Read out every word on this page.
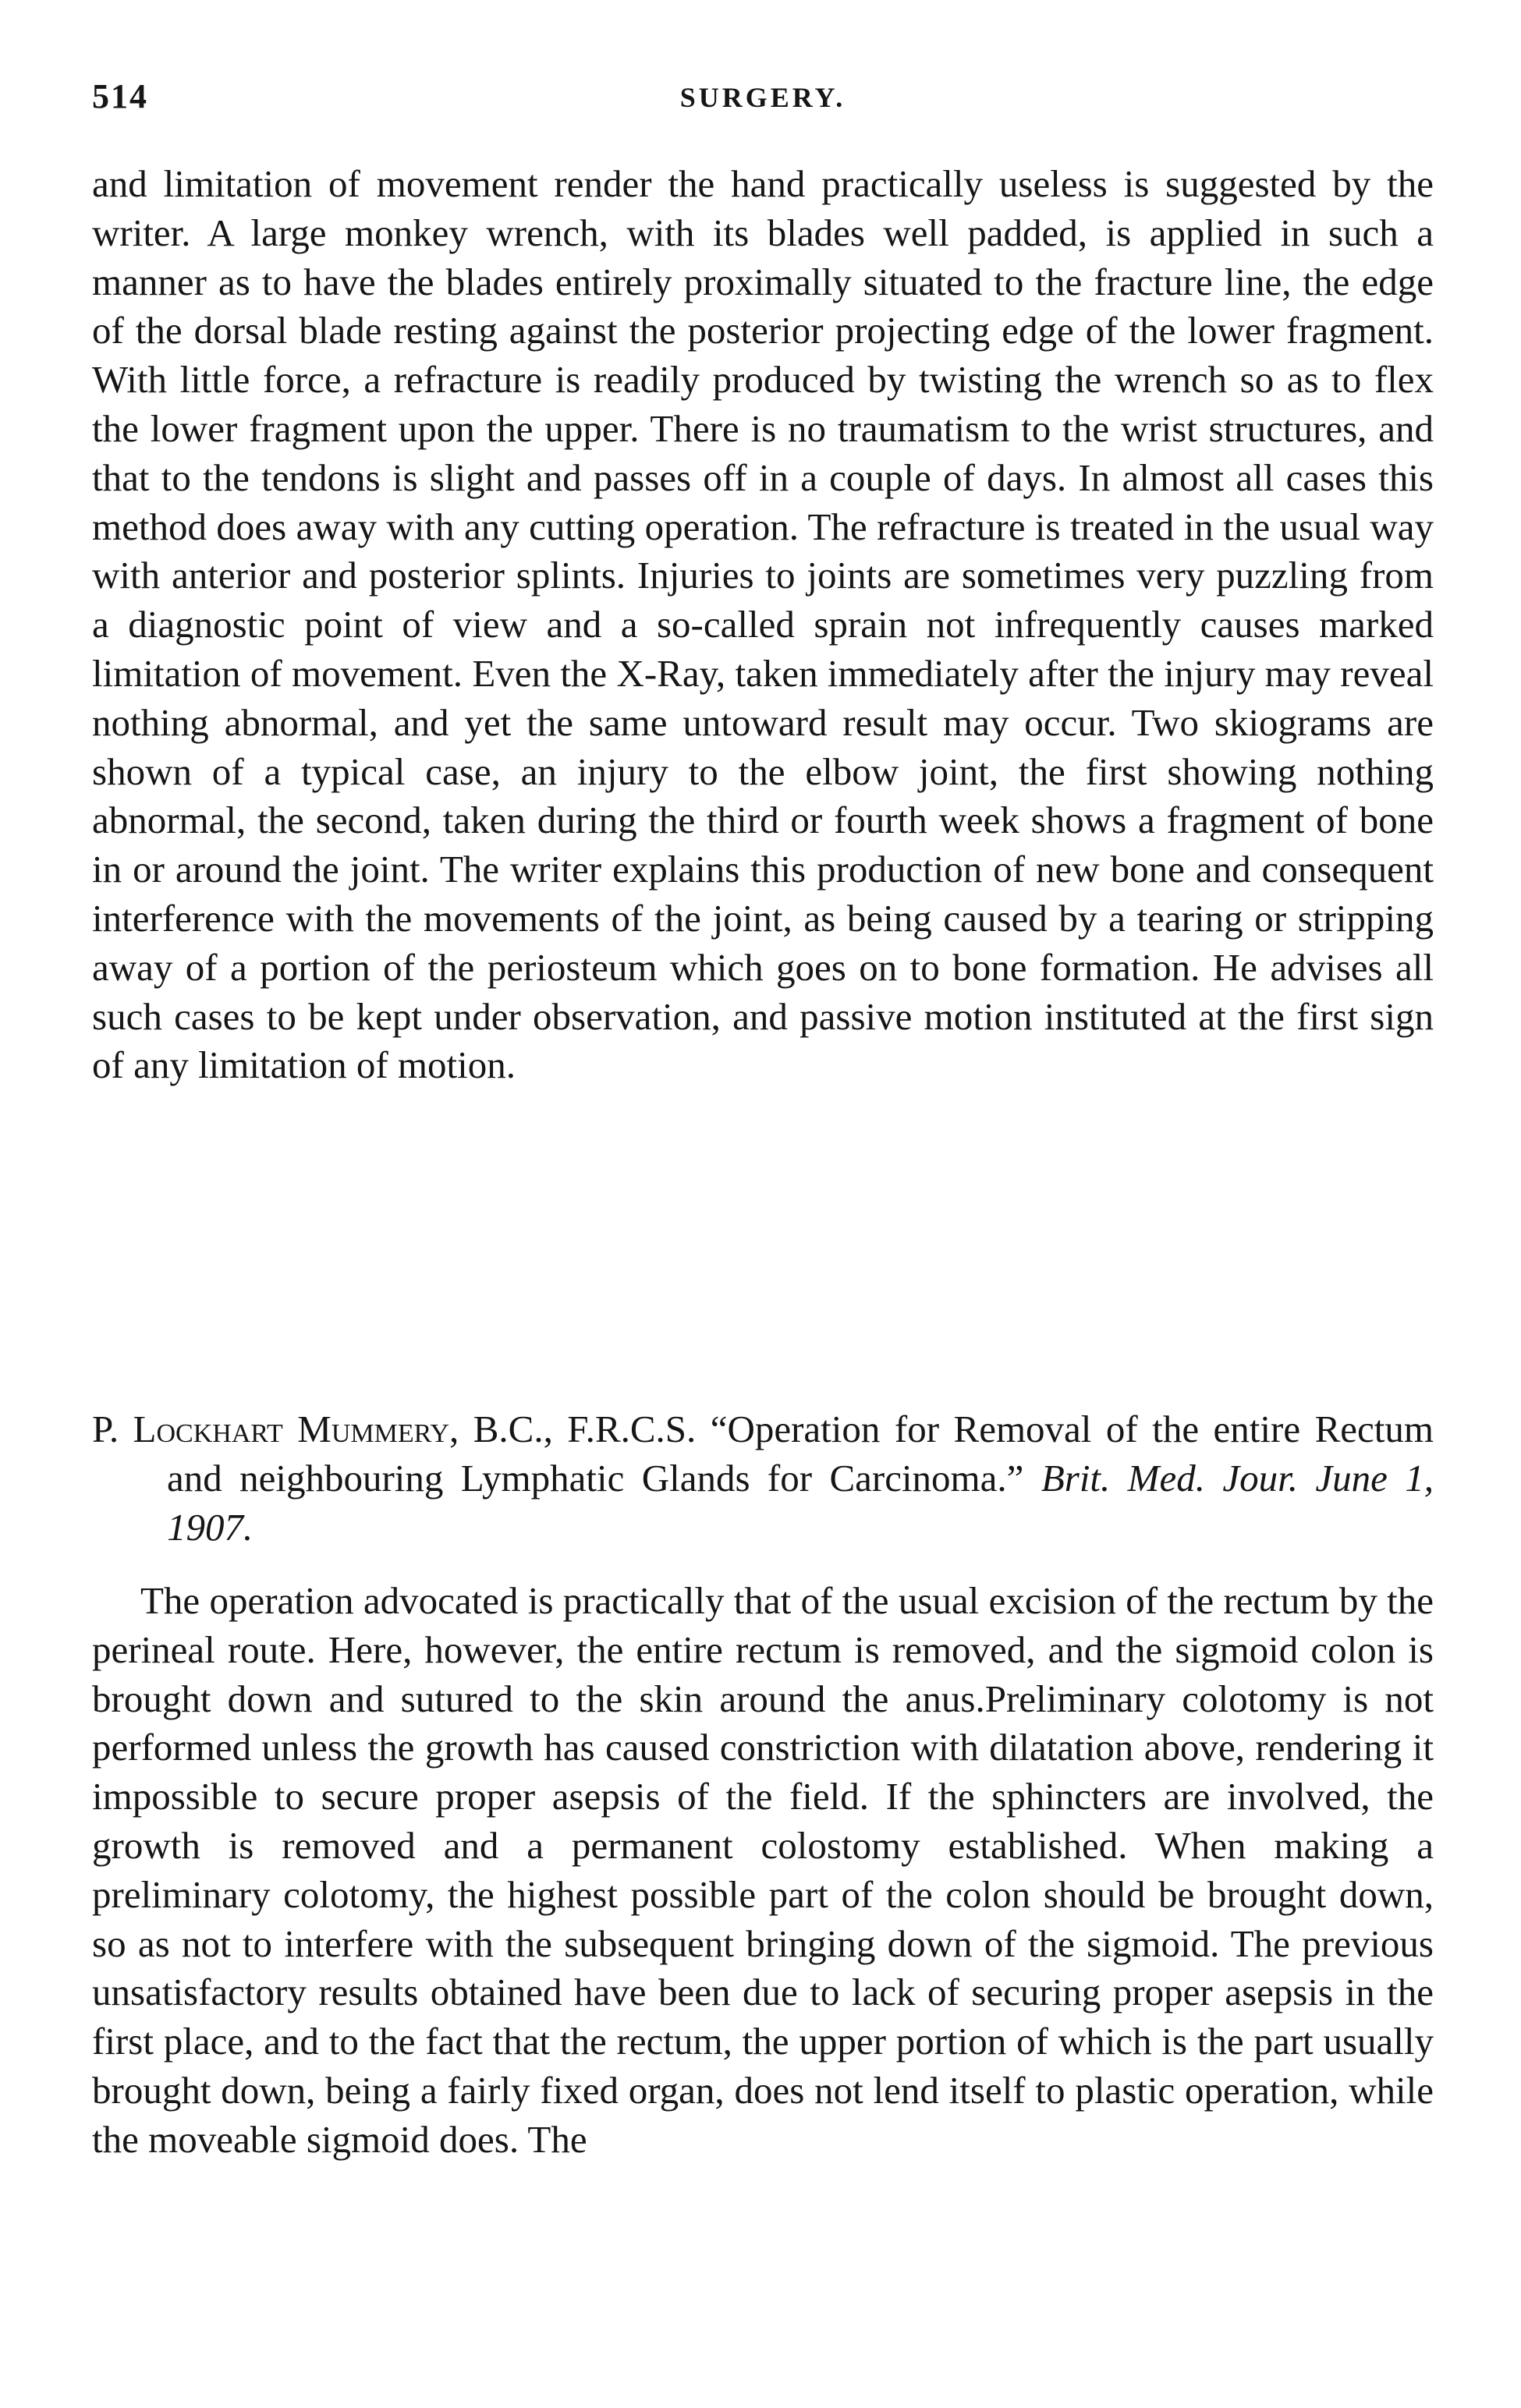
514	SURGERY.

and limitation of movement render the hand practically useless is suggested by the writer. A large monkey wrench, with its blades well padded, is applied in such a manner as to have the blades entirely proximally situated to the fracture line, the edge of the dorsal blade resting against the posterior projecting edge of the lower fragment. With little force, a refracture is readily produced by twisting the wrench so as to flex the lower fragment upon the upper. There is no traumatism to the wrist structures, and that to the tendons is slight and passes off in a couple of days. In almost all cases this method does away with any cutting operation. The refracture is treated in the usual way with anterior and posterior splints. Injuries to joints are sometimes very puzzling from a diagnostic point of view and a so-called sprain not infrequently causes marked limitation of movement. Even the X-Ray, taken immediately after the injury may reveal nothing abnormal, and yet the same untoward result may occur. Two skiograms are shown of a typical case, an injury to the elbow joint, the first showing nothing abnormal, the second, taken during the third or fourth week shows a fragment of bone in or around the joint. The writer explains this production of new bone and consequent interference with the movements of the joint, as being caused by a tearing or stripping away of a portion of the periosteum which goes on to bone formation. He advises all such cases to be kept under observation, and passive motion instituted at the first sign of any limitation of motion.

P. Lockhart Mummery, B.C., F.R.C.S. “Operation for Removal of the entire Rectum and neighbouring Lymphatic Glands for Carcinoma.” Brit. Med. Jour. June 1, 1907.

The operation advocated is practically that of the usual excision of the rectum by the perineal route. Here, however, the entire rectum is removed, and the sigmoid colon is brought down and sutured to the skin around the anus.Preliminary colotomy is not performed unless the growth has caused constriction with dilatation above, rendering it impossible to secure proper asepsis of the field. If the sphincters are involved, the growth is removed and a permanent colostomy established. When making a preliminary colotomy, the highest possible part of the colon should be brought down, so as not to interfere with the subsequent bringing down of the sigmoid. The previous unsatisfactory results obtained have been due to lack of securing proper asepsis in the first place, and to the fact that the rectum, the upper portion of which is the part usually brought down, being a fairly fixed organ, does not lend itself to plastic operation, while the moveable sigmoid does. The
